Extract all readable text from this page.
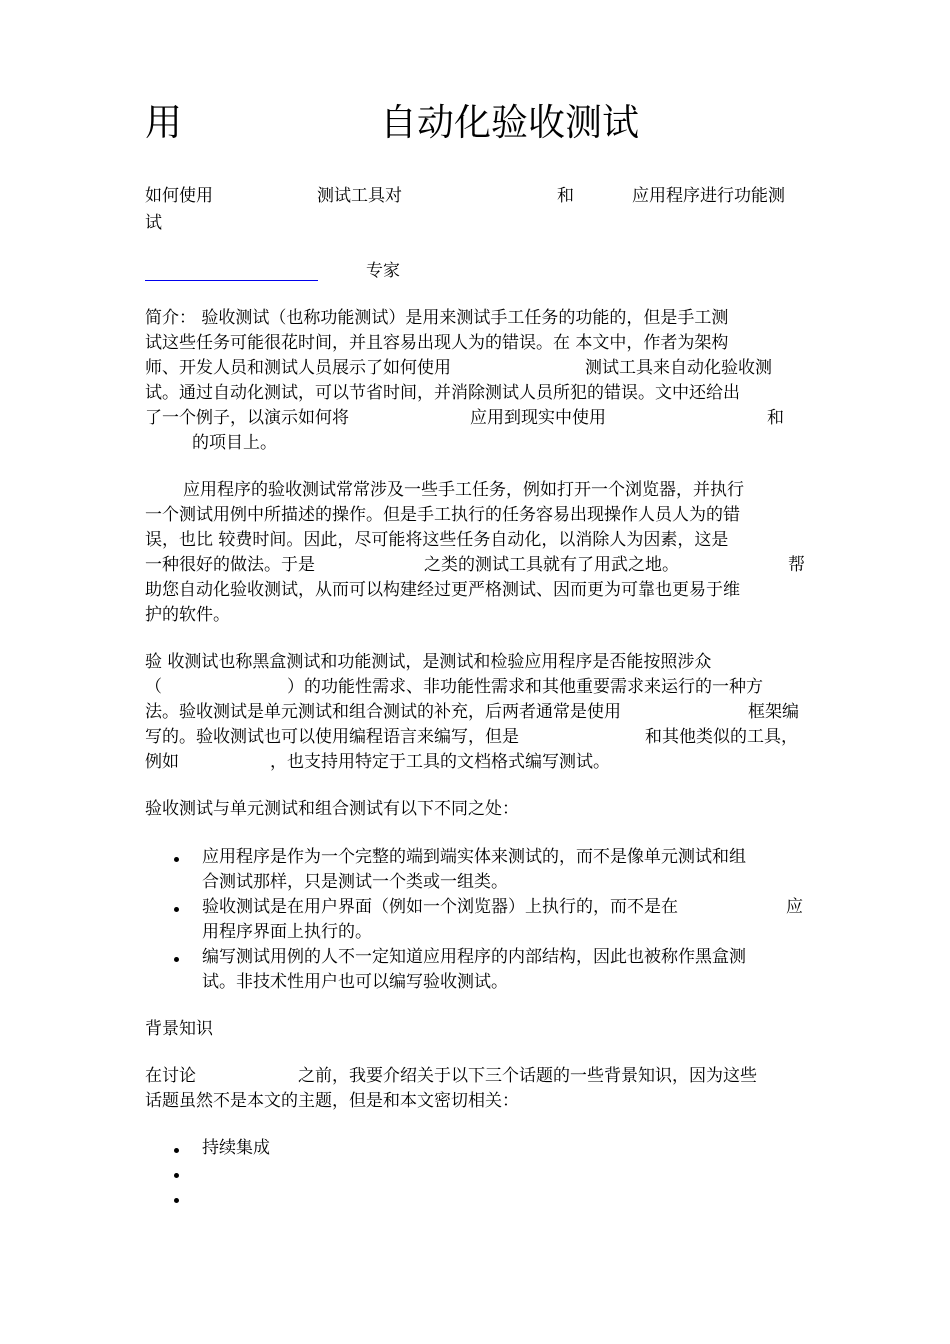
用	自动化验收测试
如何使用	测试工具对	和	应用程序进行功能测
试
专家
简介： 验收测试（也称功能测试）是用来测试手工任务的功能的，但是手工测
试这些任务可能很花时间，并且容易出现人为的错误。在 本文中，作者为架构
师、开发人员和测试人员展示了如何使用	测试工具来自动化验收测
试。通过自动化测试，可以节省时间，并消除测试人员所犯的错误。文中还给出
了一个例子，以演示如何将	应用到现实中使用	和
的项目上。
应用程序的验收测试常常涉及一些手工任务，例如打开一个浏览器，并执行
一个测试用例中所描述的操作。但是手工执行的任务容易出现操作人员人为的错
误，也比 较费时间。因此，尽可能将这些任务自动化，以消除人为因素，这是
一种很好的做法。于是	之类的测试工具就有了用武之地。	帮
助您自动化验收测试，从而可以构建经过更严格测试、因而更为可靠也更易于维
护的软件。
验 收测试也称黑盒测试和功能测试，是测试和检验应用程序是否能按照涉众
（	）的功能性需求、非功能性需求和其他重要需求来运行的一种方
法。验收测试是单元测试和组合测试的补充，后两者通常是使用	框架编
写的。验收测试也可以使用编程语言来编写，但是	和其他类似的工具，
例如	，也支持用特定于工具的文档格式编写测试。
验收测试与单元测试和组合测试有以下不同之处：
应用程序是作为一个完整的端到端实体来测试的，而不是像单元测试和组
合测试那样，只是测试一个类或一组类。
验收测试是在用户界面（例如一个浏览器）上执行的，而不是在	应
用程序界面上执行的。
编写测试用例的人不一定知道应用程序的内部结构，因此也被称作黑盒测
试。非技术性用户也可以编写验收测试。
背景知识
在讨论	之前，我要介绍关于以下三个话题的一些背景知识，因为这些
话题虽然不是本文的主题，但是和本文密切相关：
持续集成
